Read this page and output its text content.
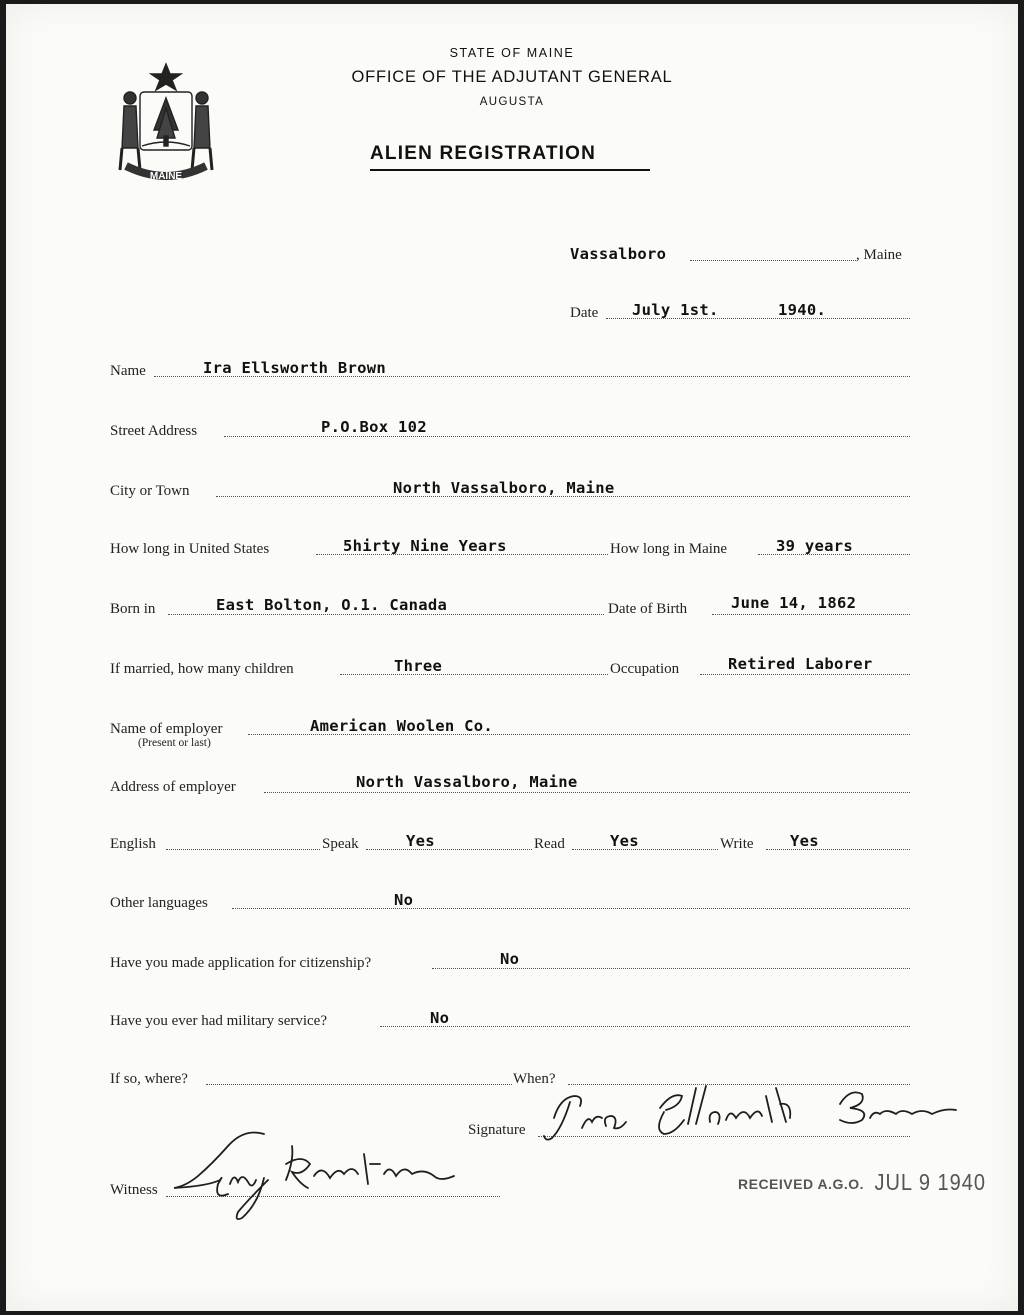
MAINE
STATE OF MAINE
OFFICE OF THE ADJUTANT GENERAL
AUGUSTA
ALIEN REGISTRATION
Vassalboro	, Maine
Date July 1st.	1940.
Name	Ira Ellsworth Brown
Street Address	P.O.Box 102
City or Town	North Vassalboro, Maine
How long in United States	5hirty Nine Years	How long in Maine	39 years
Born in	East Bolton, O.1. Canada	Date of Birth	June 14, 1862
If married, how many children	Three	Occupation	Retired Laborer
Name of employer
(Present or last)
American Woolen Co.
Address of employer	North Vassalboro, Maine
English	Speak	Yes	Read	Yes	Write Yes
Other languages	No
Have you made application for citizenship?	No
Have you ever had military service?	No
If so, where?	When?
Signature
Witness	RECEIVED A.G.O. JUL 9 1940
